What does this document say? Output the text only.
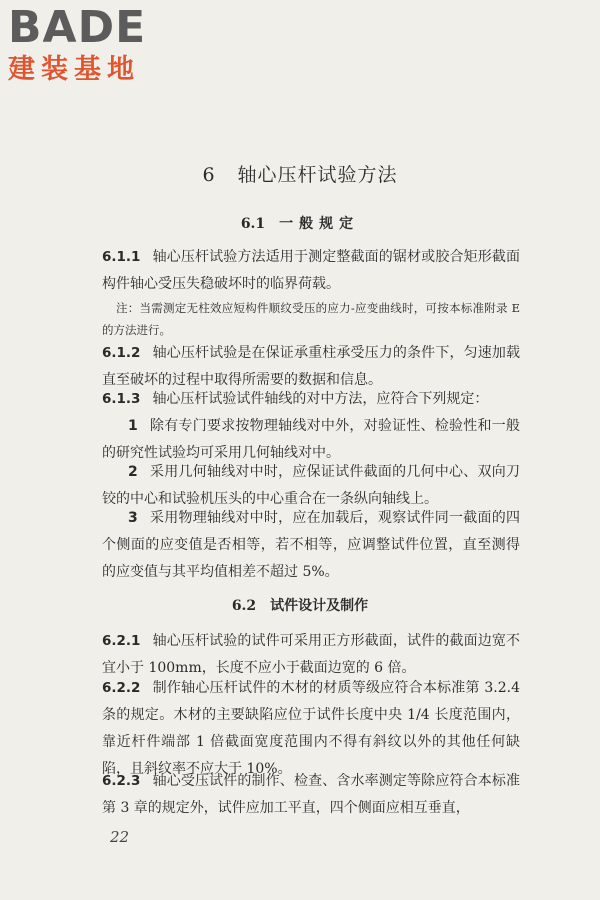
BADE
建装基地
6 轴心压杆试验方法
6.1 一般规定
6.1.1 轴心压杆试验方法适用于测定整截面的锯材或胶合矩形截面构件轴心受压失稳破坏时的临界荷载。
注：当需测定无柱效应短构件顺纹受压的应力-应变曲线时，可按本标准附录 E 的方法进行。
6.1.2 轴心压杆试验是在保证承重柱承受压力的条件下，匀速加载直至破坏的过程中取得所需要的数据和信息。
6.1.3 轴心压杆试验试件轴线的对中方法，应符合下列规定：
1 除有专门要求按物理轴线对中外，对验证性、检验性和一般的研究性试验均可采用几何轴线对中。
2 采用几何轴线对中时，应保证试件截面的几何中心、双向刀铰的中心和试验机压头的中心重合在一条纵向轴线上。
3 采用物理轴线对中时，应在加载后，观察试件同一截面的四个侧面的应变值是否相等，若不相等，应调整试件位置，直至测得的应变值与其平均值相差不超过 5%。
6.2 试件设计及制作
6.2.1 轴心压杆试验的试件可采用正方形截面，试件的截面边宽不宜小于 100mm，长度不应小于截面边宽的 6 倍。
6.2.2 制作轴心压杆试件的木材的材质等级应符合本标准第 3.2.4 条的规定。木材的主要缺陷应位于试件长度中央 1/4 长度范围内，靠近杆件端部 1 倍截面宽度范围内不得有斜纹以外的其他任何缺陷，且斜纹率不应大于 10%。
6.2.3 轴心受压试件的制作、检查、含水率测定等除应符合本标准第 3 章的规定外，试件应加工平直，四个侧面应相互垂直，
22
